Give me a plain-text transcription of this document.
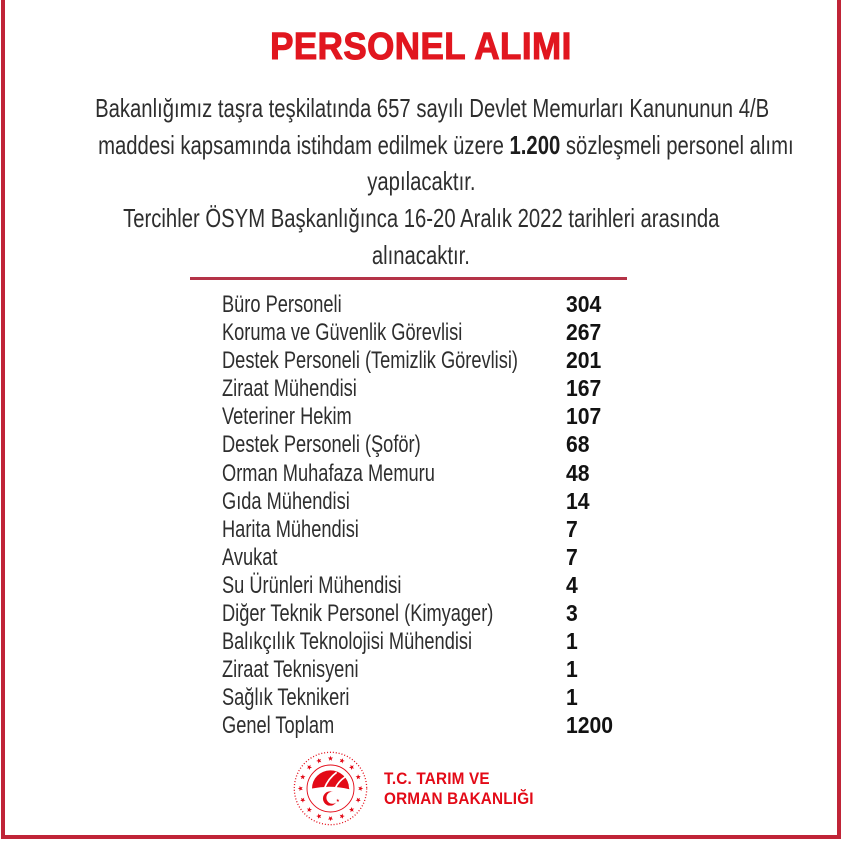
PERSONEL ALIMI
Bakanlığımız taşra teşkilatında 657 sayılı Devlet Memurları Kanununun 4/B
maddesi kapsamında istihdam edilmek üzere 1.200 sözleşmeli personel alımı
yapılacaktır.
Tercihler ÖSYM Başkanlığınca 16-20 Aralık 2022 tarihleri arasında
alınacaktır.
Büro Personeli	304
Koruma ve Güvenlik Görevlisi	267
Destek Personeli (Temizlik Görevlisi) 201
Ziraat Mühendisi	167
Veteriner Hekim	107
Destek Personeli (Şoför)	68
Orman Muhafaza Memuru	48
Gıda Mühendisi	14
Harita Mühendisi	7
Avukat	7
Su Ürünleri Mühendisi	4
Diğer Teknik Personel (Kimyager)	3
Balıkçılık Teknolojisi Mühendisi	1
Ziraat Teknisyeni	1
Sağlık Teknikeri	1
Genel Toplam	1200
T.C. TARIM VE
ORMAN BAKANLIĞI
